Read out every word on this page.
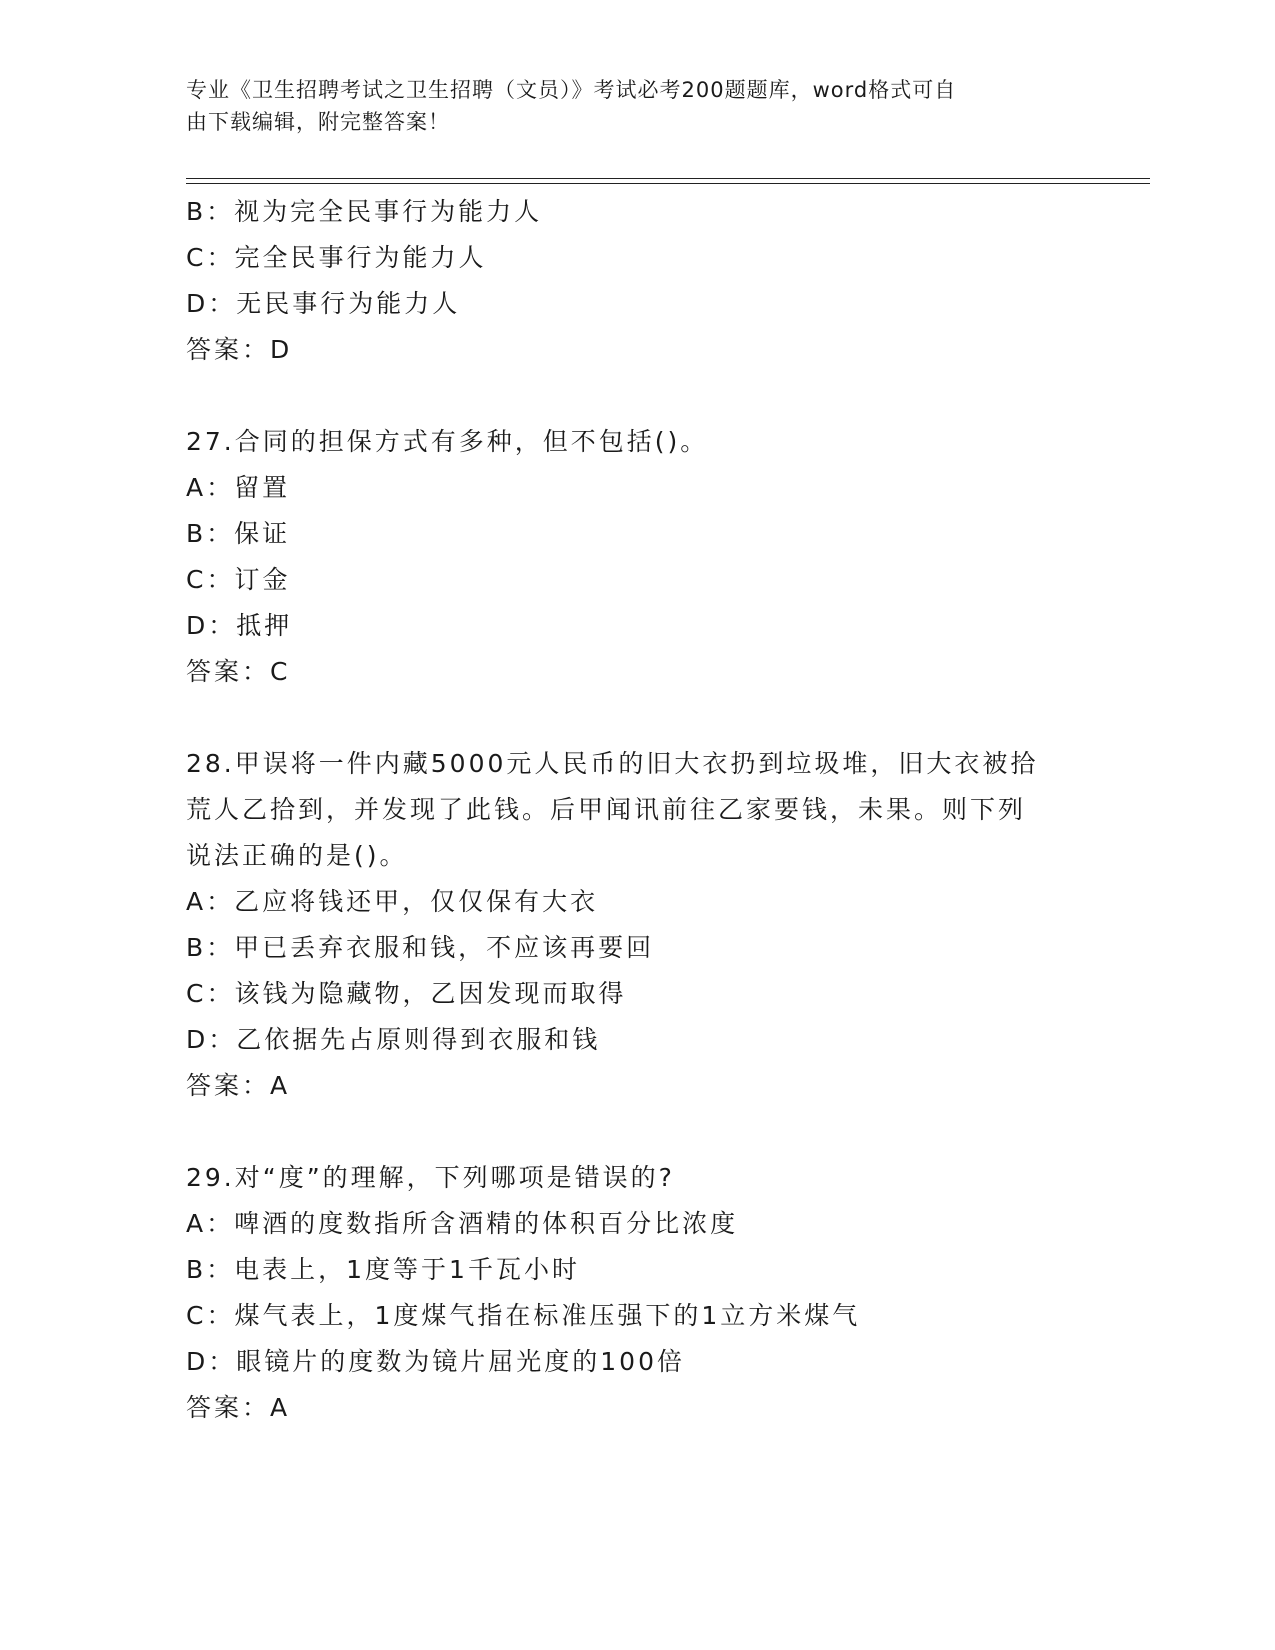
专业《卫生招聘考试之卫生招聘（文员）》考试必考200题题库，word格式可自
由下载编辑，附完整答案！

B：视为完全民事行为能力人

C：完全民事行为能力人

D：无民事行为能力人

答案：D

27.合同的担保方式有多种，但不包括()。

A：留置

B：保证

C：订金

D：抵押

答案：C

28.甲误将一件内藏5000元人民币的旧大衣扔到垃圾堆，旧大衣被拾

荒人乙拾到，并发现了此钱。后甲闻讯前往乙家要钱，未果。则下列

说法正确的是()。

A：乙应将钱还甲，仅仅保有大衣

B：甲已丢弃衣服和钱，不应该再要回

C：该钱为隐藏物，乙因发现而取得

D：乙依据先占原则得到衣服和钱

答案：A

29.对“度”的理解，下列哪项是错误的?

A：啤酒的度数指所含酒精的体积百分比浓度

B：电表上，1度等于1千瓦小时

C：煤气表上，1度煤气指在标准压强下的1立方米煤气

D：眼镜片的度数为镜片屈光度的100倍

答案：A
